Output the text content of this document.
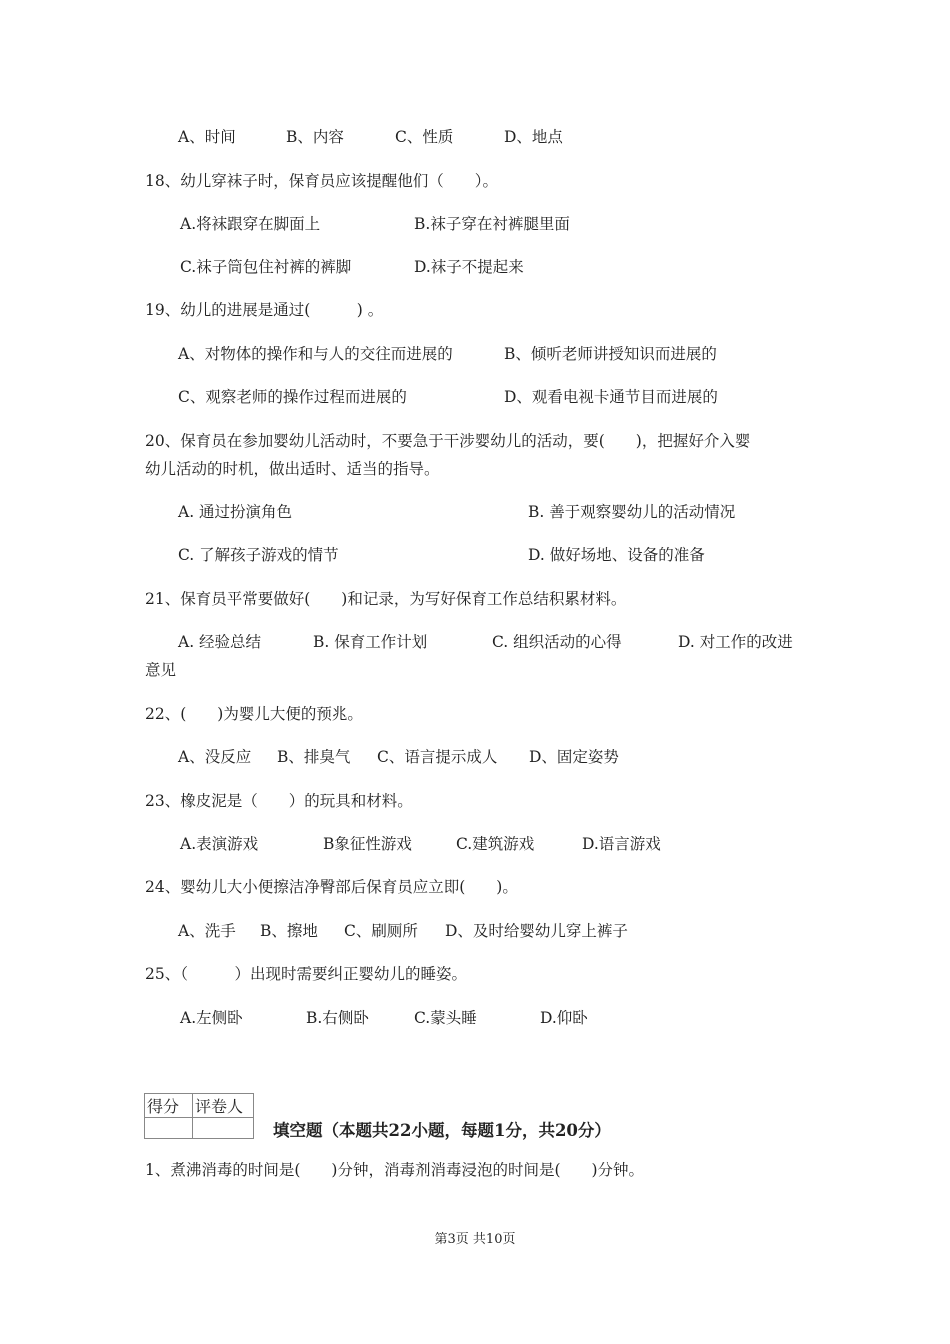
A、时间	B、内容	C、性质	D、地点
18、幼儿穿袜子时，保育员应该提醒他们（　　）。
A.将袜跟穿在脚面上	B.袜子穿在衬裤腿里面
C.袜子筒包住衬裤的裤脚	D.袜子不提起来
19、幼儿的进展是通过(　　　) 。
A、对物体的操作和与人的交往而进展的	B、倾听老师讲授知识而进展的
C、观察老师的操作过程而进展的	D、观看电视卡通节目而进展的
20、保育员在参加婴幼儿活动时，不要急于干涉婴幼儿的活动，要(　　)，把握好介入婴
幼儿活动的时机，做出适时、适当的指导。
A. 通过扮演角色	B. 善于观察婴幼儿的活动情况
C. 了解孩子游戏的情节	D. 做好场地、设备的准备
21、保育员平常要做好(　　)和记录，为写好保育工作总结积累材料。
A. 经验总结	B. 保育工作计划	C. 组织活动的心得	D. 对工作的改进
意见
22、(　　)为婴儿大便的预兆。
A、没反应 B、排臭气 C、语言提示成人 D、固定姿势
23、橡皮泥是（　　）的玩具和材料。
A.表演游戏	B象征性游戏	C.建筑游戏	D.语言游戏
24、婴幼儿大小便擦洁净臀部后保育员应立即(　　)。
A、洗手 B、擦地 C、刷厕所 D、及时给婴幼儿穿上裤子
25、（　　　）出现时需要纠正婴幼儿的睡姿。
A.左侧卧	B.右侧卧	C.蒙头睡	D.仰卧
得分	评卷人

填空题（本题共22小题，每题1分，共20分）
1、煮沸消毒的时间是(　　)分钟，消毒剂消毒浸泡的时间是(　　)分钟。
第3页 共10页
